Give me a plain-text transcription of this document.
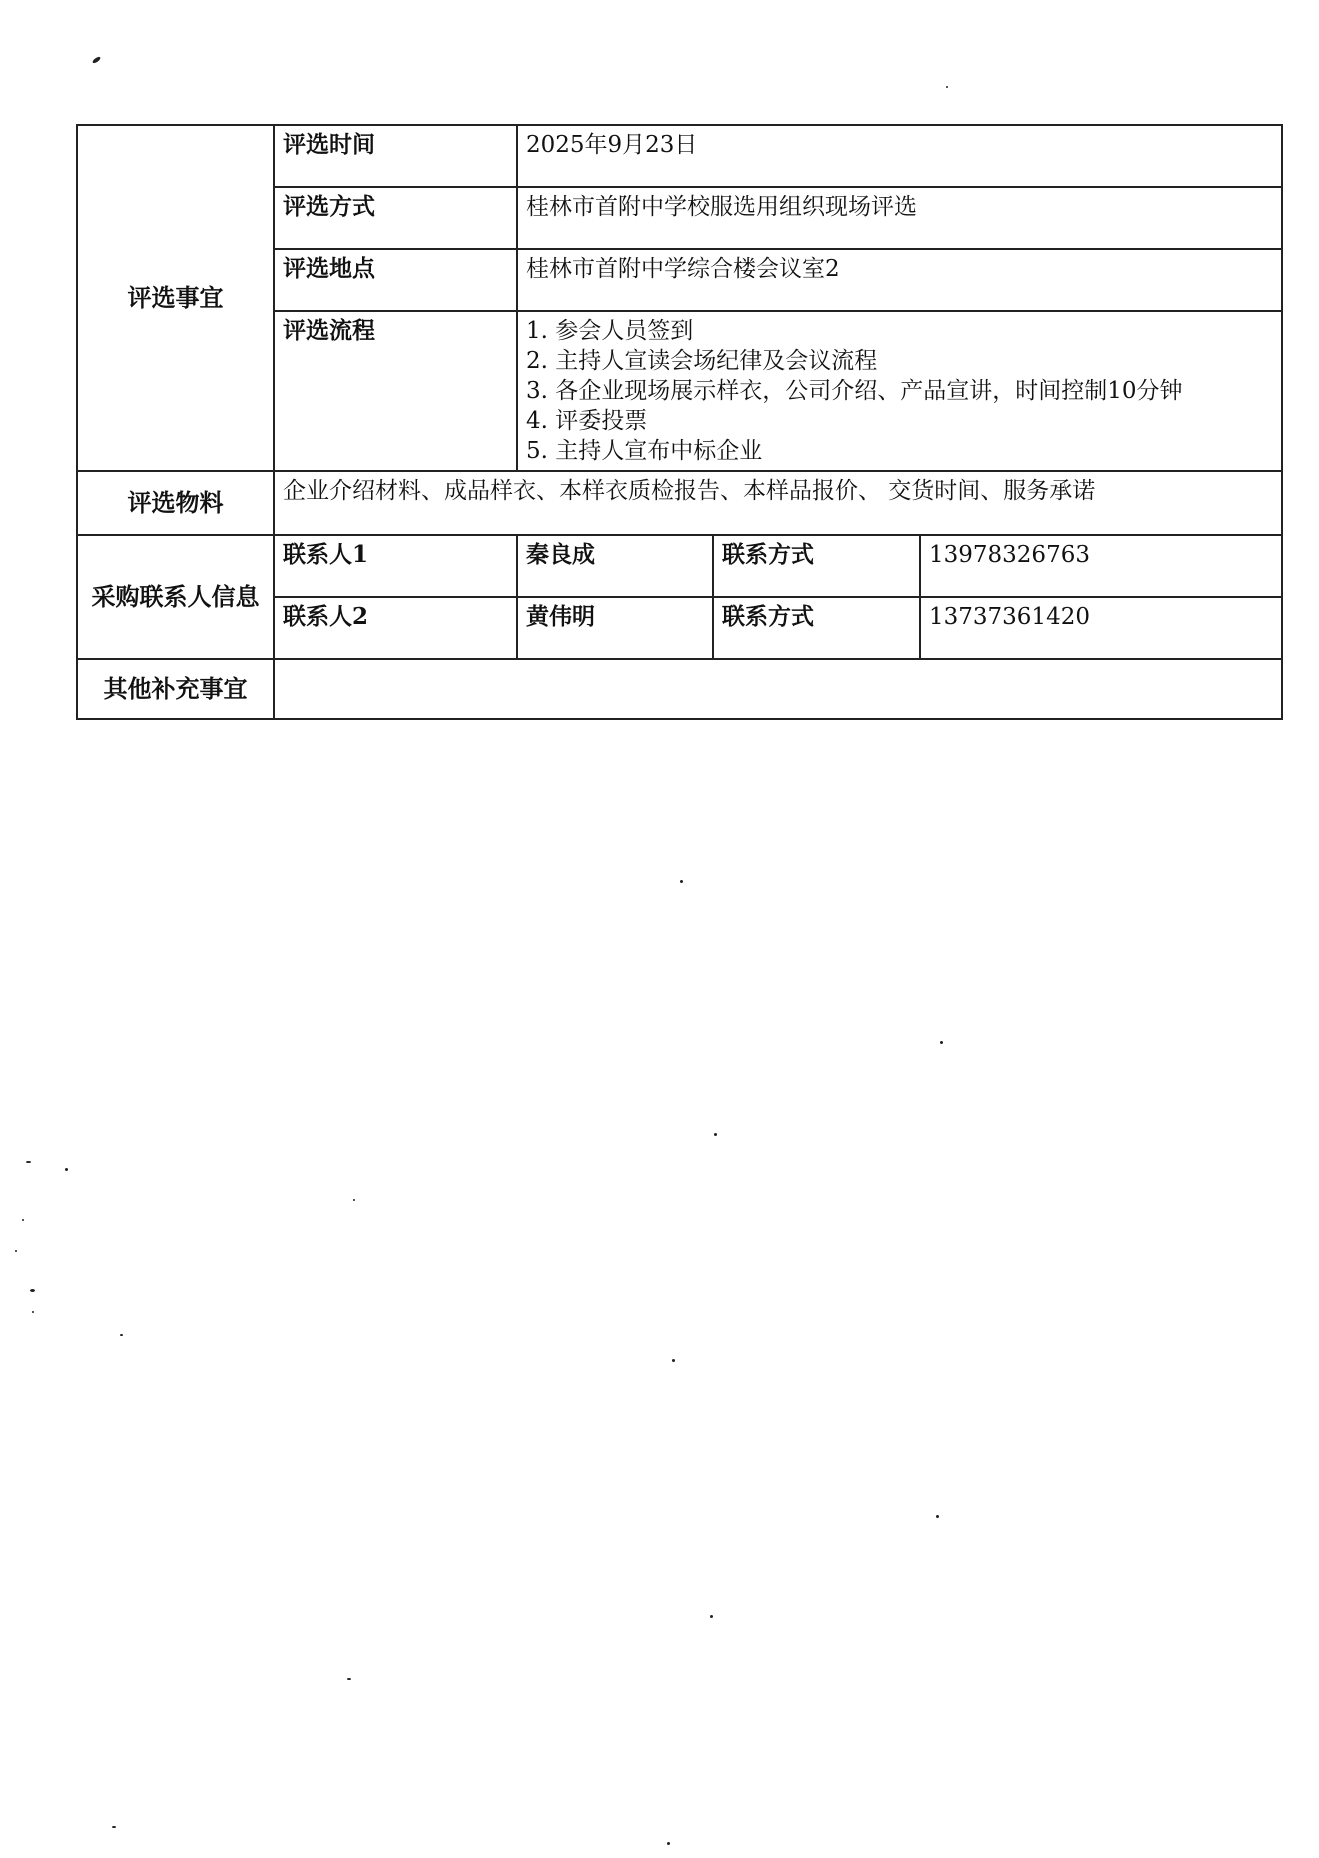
评选事宜	评选时间	2025年9月23日		
	评选方式	桂林市首附中学校服选用组织现场评选		
	评选地点	桂林市首附中学综合楼会议室2		
	评选流程	1. 参会人员签到
2. 主持人宣读会场纪律及会议流程
3. 各企业现场展示样衣，公司介绍、产品宣讲，时间控制10分钟
4. 评委投票
5. 主持人宣布中标企业		

评选物料	企业介绍材料、成品样衣、本样衣质检报告、本样品报价、 交货时间、服务承诺			
采购联系人信息	联系人1	秦良成	联系方式	13978326763
	联系人2	黄伟明	联系方式	13737361420
其他补充事宜				
